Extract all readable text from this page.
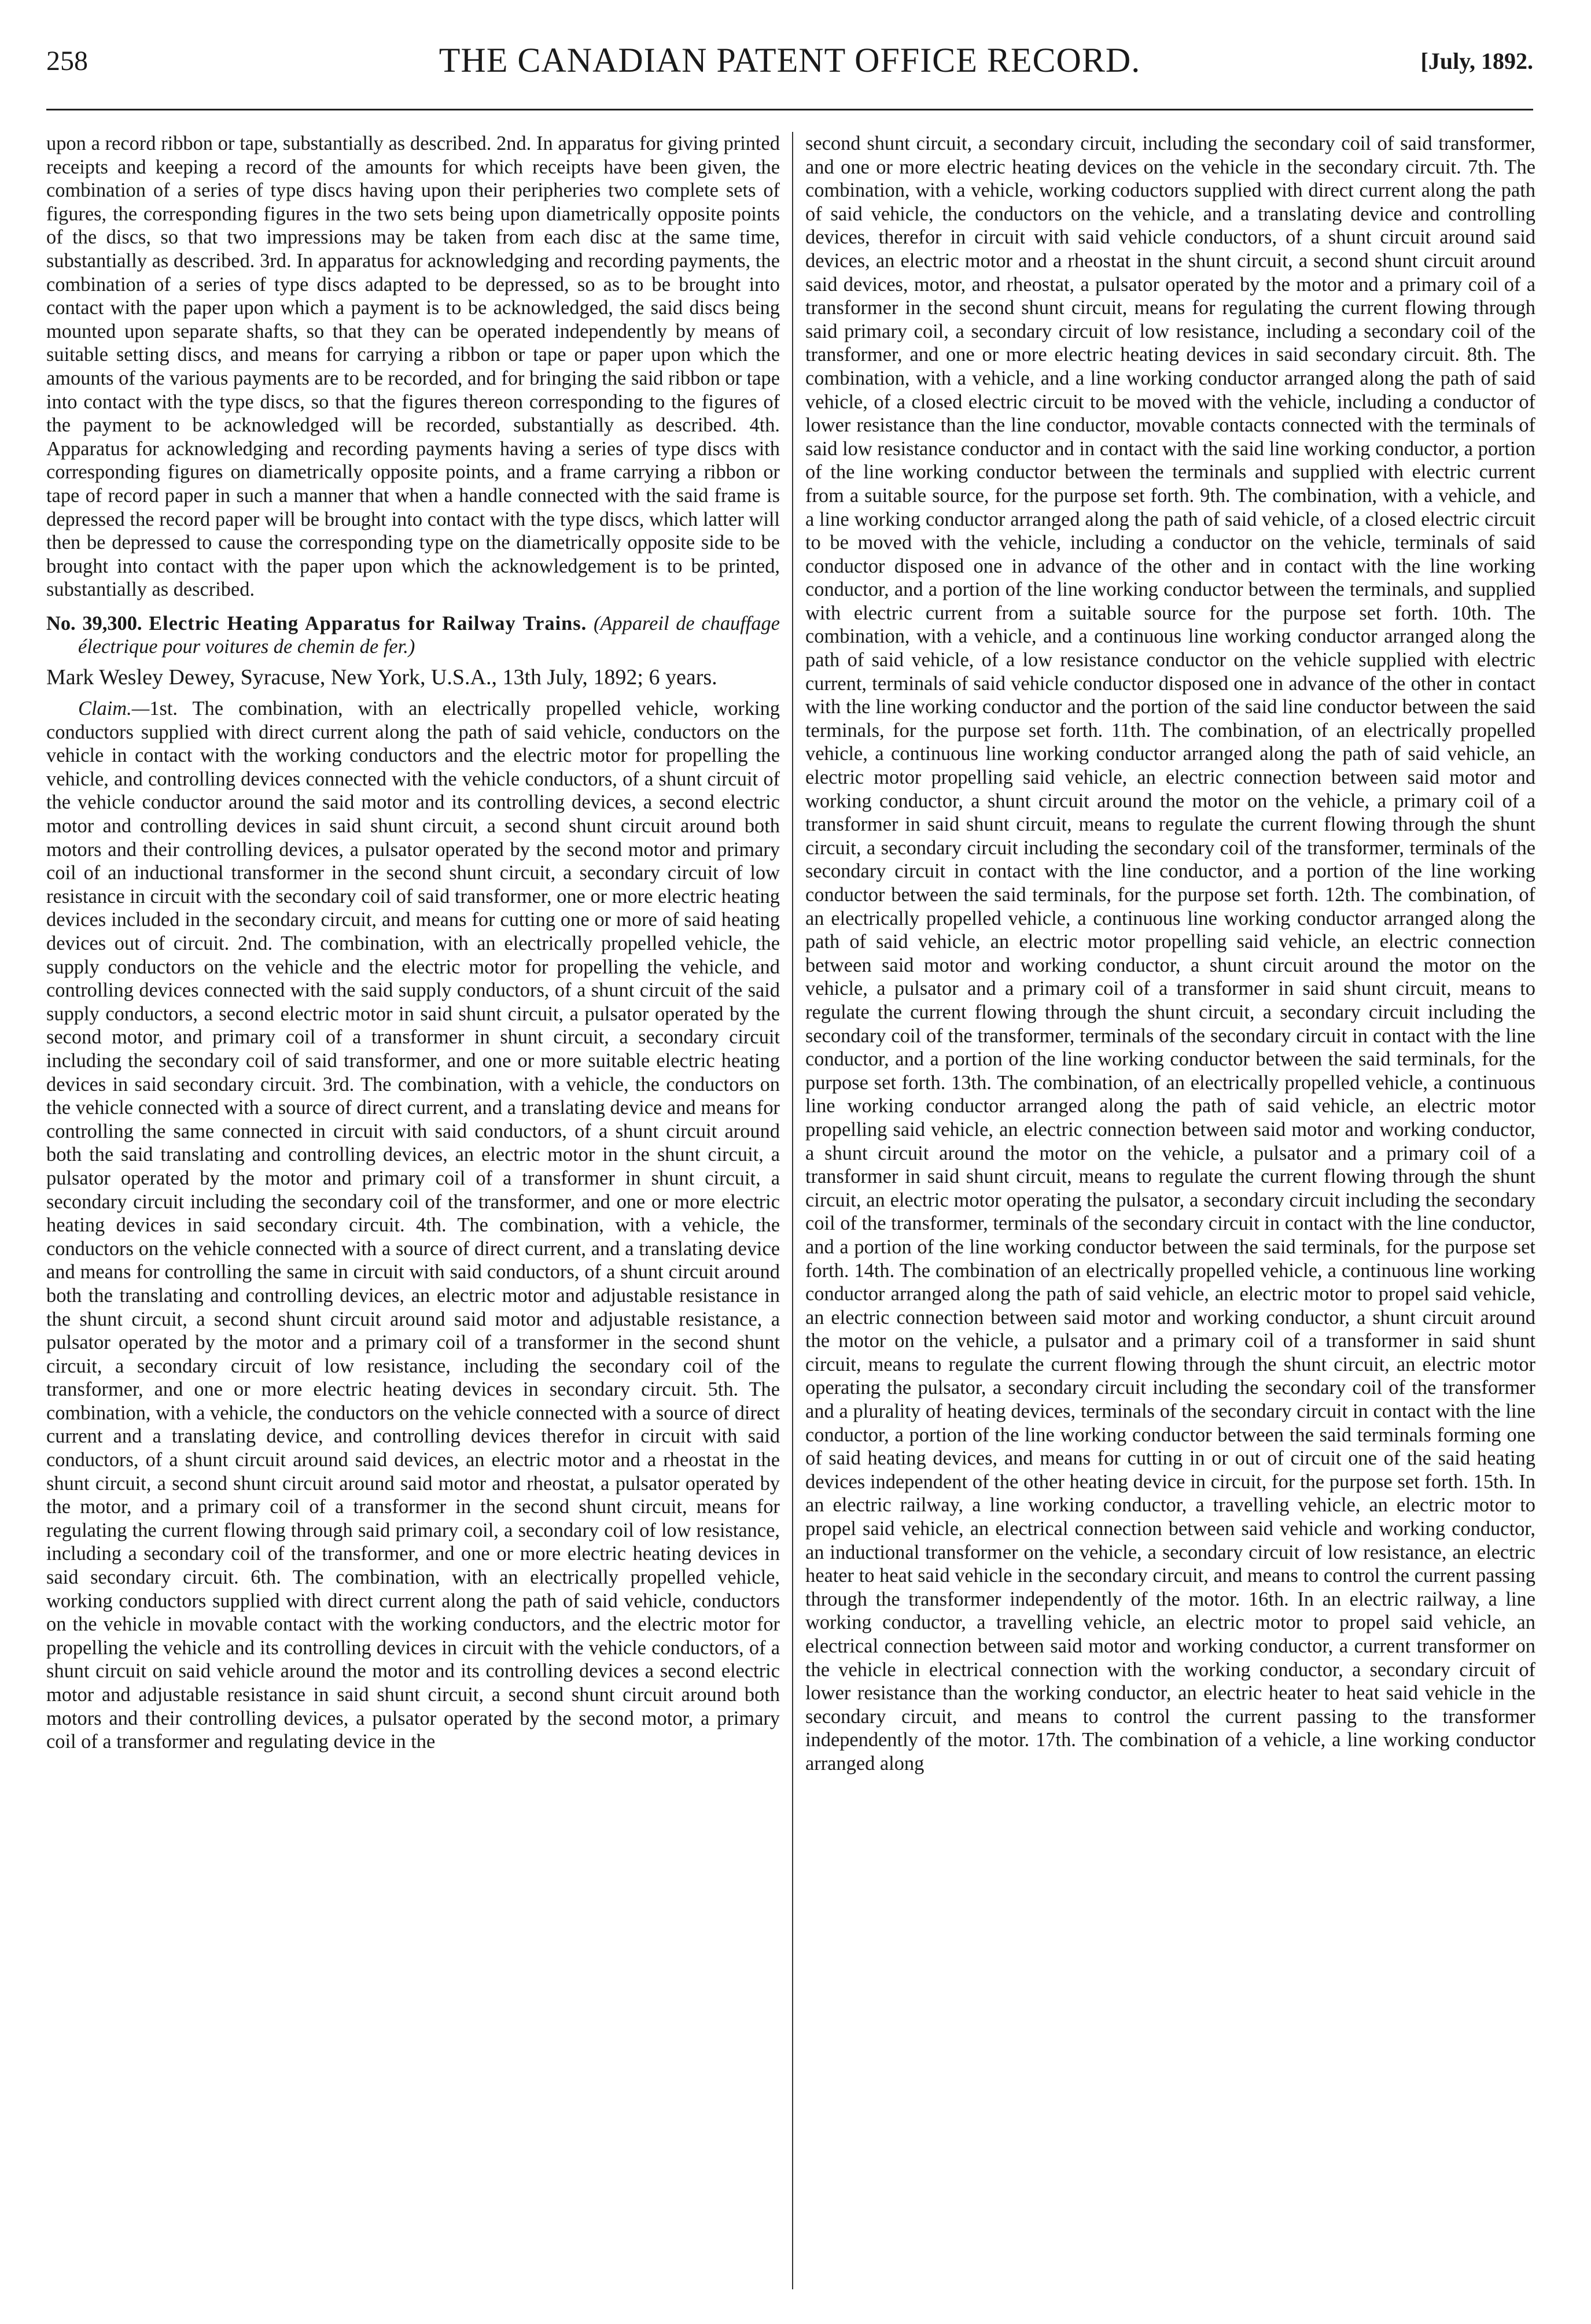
258	THE CANADIAN PATENT OFFICE RECORD.	[July, 1892.

upon a record ribbon or tape, substantially as described. 2nd. In apparatus for giving printed receipts and keeping a record of the amounts for which receipts have been given, the combination of a series of type discs having upon their peripheries two complete sets of figures, the corresponding figures in the two sets being upon diametrically opposite points of the discs, so that two impressions may be taken from each disc at the same time, substantially as described. 3rd. In apparatus for acknowledging and recording payments, the combination of a series of type discs adapted to be depressed, so as to be brought into contact with the paper upon which a payment is to be acknowledged, the said discs being mounted upon separate shafts, so that they can be operated independently by means of suitable setting discs, and means for carrying a ribbon or tape or paper upon which the amounts of the various payments are to be recorded, and for bringing the said ribbon or tape into contact with the type discs, so that the figures thereon corresponding to the figures of the payment to be acknowledged will be recorded, substantially as described. 4th. Apparatus for acknowledging and recording payments having a series of type discs with corresponding figures on diametrically opposite points, and a frame carrying a ribbon or tape of record paper in such a manner that when a handle connected with the said frame is depressed the record paper will be brought into contact with the type discs, which latter will then be depressed to cause the corresponding type on the diametrically opposite side to be brought into contact with the paper upon which the acknowledgement is to be printed, substantially as described.

No. 39,300. Electric Heating Apparatus for Railway Trains. (Appareil de chauffage électrique pour voitures de chemin de fer.)

Mark Wesley Dewey, Syracuse, New York, U.S.A., 13th July, 1892; 6 years.

Claim.—1st. The combination, with an electrically propelled vehicle, working conductors supplied with direct current along the path of said vehicle, conductors on the vehicle in contact with the working conductors and the electric motor for propelling the vehicle, and controlling devices connected with the vehicle conductors, of a shunt circuit of the vehicle conductor around the said motor and its controlling devices, a second electric motor and controlling devices in said shunt circuit, a second shunt circuit around both motors and their controlling devices, a pulsator operated by the second motor and primary coil of an inductional transformer in the second shunt circuit, a secondary circuit of low resistance in circuit with the secondary coil of said transformer, one or more electric heating devices included in the secondary circuit, and means for cutting one or more of said heating devices out of circuit. 2nd. The combination, with an electrically propelled vehicle, the supply conductors on the vehicle and the electric motor for propelling the vehicle, and controlling devices connected with the said supply conductors, of a shunt circuit of the said supply conductors, a second electric motor in said shunt circuit, a pulsator operated by the second motor, and primary coil of a transformer in shunt circuit, a secondary circuit including the secondary coil of said transformer, and one or more suitable electric heating devices in said secondary circuit. 3rd. The combination, with a vehicle, the conductors on the vehicle connected with a source of direct current, and a translating device and means for controlling the same connected in circuit with said conductors, of a shunt circuit around both the said translating and controlling devices, an electric motor in the shunt circuit, a pulsator operated by the motor and primary coil of a transformer in shunt circuit, a secondary circuit including the secondary coil of the transformer, and one or more electric heating devices in said secondary circuit. 4th. The combination, with a vehicle, the conductors on the vehicle connected with a source of direct current, and a translating device and means for controlling the same in circuit with said conductors, of a shunt circuit around both the translating and controlling devices, an electric motor and adjustable resistance in the shunt circuit, a second shunt circuit around said motor and adjustable resistance, a pulsator operated by the motor and a primary coil of a transformer in the second shunt circuit, a secondary circuit of low resistance, including the secondary coil of the transformer, and one or more electric heating devices in secondary circuit. 5th. The combination, with a vehicle, the conductors on the vehicle connected with a source of direct current and a translating device, and controlling devices therefor in circuit with said conductors, of a shunt circuit around said devices, an electric motor and a rheostat in the shunt circuit, a second shunt circuit around said motor and rheostat, a pulsator operated by the motor, and a primary coil of a transformer in the second shunt circuit, means for regulating the current flowing through said primary coil, a secondary coil of low resistance, including a secondary coil of the transformer, and one or more electric heating devices in said secondary circuit. 6th. The combination, with an electrically propelled vehicle, working conductors supplied with direct current along the path of said vehicle, conductors on the vehicle in movable contact with the working conductors, and the electric motor for propelling the vehicle and its controlling devices in circuit with the vehicle conductors, of a shunt circuit on said vehicle around the motor and its controlling devices a second electric motor and adjustable resistance in said shunt circuit, a second shunt circuit around both motors and their controlling devices, a pulsator operated by the second motor, a primary coil of a transformer and regulating device in the

second shunt circuit, a secondary circuit, including the secondary coil of said transformer, and one or more electric heating devices on the vehicle in the secondary circuit. 7th. The combination, with a vehicle, working coductors supplied with direct current along the path of said vehicle, the conductors on the vehicle, and a translating device and controlling devices, therefor in circuit with said vehicle conductors, of a shunt circuit around said devices, an electric motor and a rheostat in the shunt circuit, a second shunt circuit around said devices, motor, and rheostat, a pulsator operated by the motor and a primary coil of a transformer in the second shunt circuit, means for regulating the current flowing through said primary coil, a secondary circuit of low resistance, including a secondary coil of the transformer, and one or more electric heating devices in said secondary circuit. 8th. The combination, with a vehicle, and a line working conductor arranged along the path of said vehicle, of a closed electric circuit to be moved with the vehicle, including a conductor of lower resistance than the line conductor, movable contacts connected with the terminals of said low resistance conductor and in contact with the said line working conductor, a portion of the line working conductor between the terminals and supplied with electric current from a suitable source, for the purpose set forth. 9th. The combination, with a vehicle, and a line working conductor arranged along the path of said vehicle, of a closed electric circuit to be moved with the vehicle, including a conductor on the vehicle, terminals of said conductor disposed one in advance of the other and in contact with the line working conductor, and a portion of the line working conductor between the terminals, and supplied with electric current from a suitable source for the purpose set forth. 10th. The combination, with a vehicle, and a continuous line working conductor arranged along the path of said vehicle, of a low resistance conductor on the vehicle supplied with electric current, terminals of said vehicle conductor disposed one in advance of the other in contact with the line working conductor and the portion of the said line conductor between the said terminals, for the purpose set forth. 11th. The combination, of an electrically propelled vehicle, a continuous line working conductor arranged along the path of said vehicle, an electric motor propelling said vehicle, an electric connection between said motor and working conductor, a shunt circuit around the motor on the vehicle, a primary coil of a transformer in said shunt circuit, means to regulate the current flowing through the shunt circuit, a secondary circuit including the secondary coil of the transformer, terminals of the secondary circuit in contact with the line conductor, and a portion of the line working conductor between the said terminals, for the purpose set forth. 12th. The combination, of an electrically propelled vehicle, a continuous line working conductor arranged along the path of said vehicle, an electric motor propelling said vehicle, an electric connection between said motor and working conductor, a shunt circuit around the motor on the vehicle, a pulsator and a primary coil of a transformer in said shunt circuit, means to regulate the current flowing through the shunt circuit, a secondary circuit including the secondary coil of the transformer, terminals of the secondary circuit in contact with the line conductor, and a portion of the line working conductor between the said terminals, for the purpose set forth. 13th. The combination, of an electrically propelled vehicle, a continuous line working conductor arranged along the path of said vehicle, an electric motor propelling said vehicle, an electric connection between said motor and working conductor, a shunt circuit around the motor on the vehicle, a pulsator and a primary coil of a transformer in said shunt circuit, means to regulate the current flowing through the shunt circuit, an electric motor operating the pulsator, a secondary circuit including the secondary coil of the transformer, terminals of the secondary circuit in contact with the line conductor, and a portion of the line working conductor between the said terminals, for the purpose set forth. 14th. The combination of an electrically propelled vehicle, a continuous line working conductor arranged along the path of said vehicle, an electric motor to propel said vehicle, an electric connection between said motor and working conductor, a shunt circuit around the motor on the vehicle, a pulsator and a primary coil of a transformer in said shunt circuit, means to regulate the current flowing through the shunt circuit, an electric motor operating the pulsator, a secondary circuit including the secondary coil of the transformer and a plurality of heating devices, terminals of the secondary circuit in contact with the line conductor, a portion of the line working conductor between the said terminals forming one of said heating devices, and means for cutting in or out of circuit one of the said heating devices independent of the other heating device in circuit, for the purpose set forth. 15th. In an electric railway, a line working conductor, a travelling vehicle, an electric motor to propel said vehicle, an electrical connection between said vehicle and working conductor, an inductional transformer on the vehicle, a secondary circuit of low resistance, an electric heater to heat said vehicle in the secondary circuit, and means to control the current passing through the transformer independently of the motor. 16th. In an electric railway, a line working conductor, a travelling vehicle, an electric motor to propel said vehicle, an electrical connection between said motor and working conductor, a current transformer on the vehicle in electrical connection with the working conductor, a secondary circuit of lower resistance than the working conductor, an electric heater to heat said vehicle in the secondary circuit, and means to control the current passing to the transformer independently of the motor. 17th. The combination of a vehicle, a line working conductor arranged along
